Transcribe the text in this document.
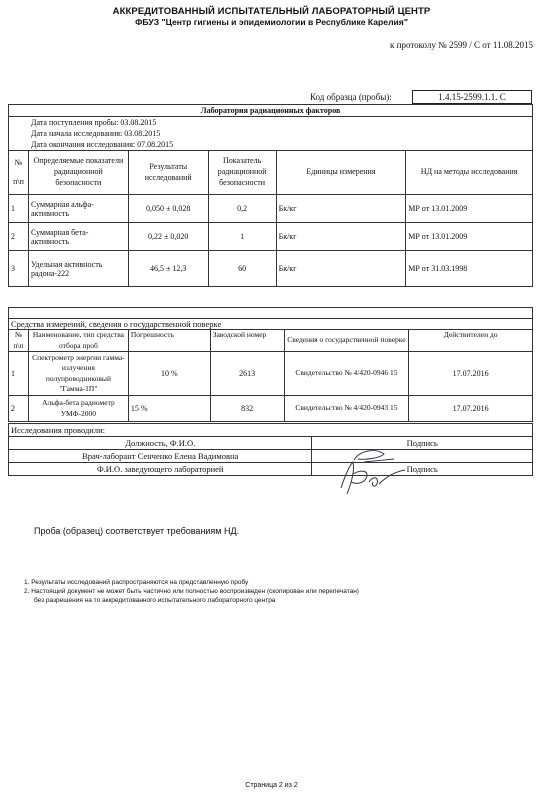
АККРЕДИТОВАННЫЙ ИСПЫТАТЕЛЬНЫЙ ЛАБОРАТОРНЫЙ ЦЕНТР
ФБУЗ "Центр гигиены и эпидемиологии в Республике Карелия"
к протоколу № 2599 / С от 11.08.2015
Код образца (пробы):	1.4.15-2599.1.1. С
Лаборатория радиационных факторов					
Дата поступления пробы: 03.08.2015					
Дата начала исследования: 03.08.2015					
Дата окончания исследования: 07.08.2015					

№
п\п	Определяемые показатели радиационной безопасности	Результаты исследований	Показатель радиационной безопасности	Единицы измерения	НД на методы исследования
1	Суммарная альфа-активность	0,050 ± 0,028	0,2	Бк/кг	МР от 13.01.2009
2	Суммарная бета-активность	0,22 ± 0,020	1	Бк/кг	МР от 13.01.2009
3	Удельная активность радона-222	46,5 ± 12,3	60	Бк/кг	МР от 31.03.1998

Средства измерений, сведения о государственной поверке					

№
п\п	Наименование, тип средства отбора проб	Погрешность	Заводской номер	Сведения о государственной поверке	Действителен до
1	Спектрометр энергии гамма-излучения полупроводниковый "Гамма-1П"	10 %	2613	Свидетельство № 4/420-0946 15	17.07.2016
2	Альфа-бета радиометр УМФ-2000	15 %	832	Свидетельство № 4/420-0943 15	17.07.2016
Исследования проводили:	
Должность, Ф.И.О.	Подпись
Врач-лаборант Сенченко Елена Вадимовна	
Ф.И.О. заведующего лабораторией	Подпись
Проба (образец) соответствует требованиям НД.
1. Результаты исследований распространяются на представленную пробу
2. Настоящий документ не может быть частично или полностью воспроизведен (скопирован или перепечатан)
без разрешения на то аккредитованного испытательного лабораторного центра
Страница 2 из 2
